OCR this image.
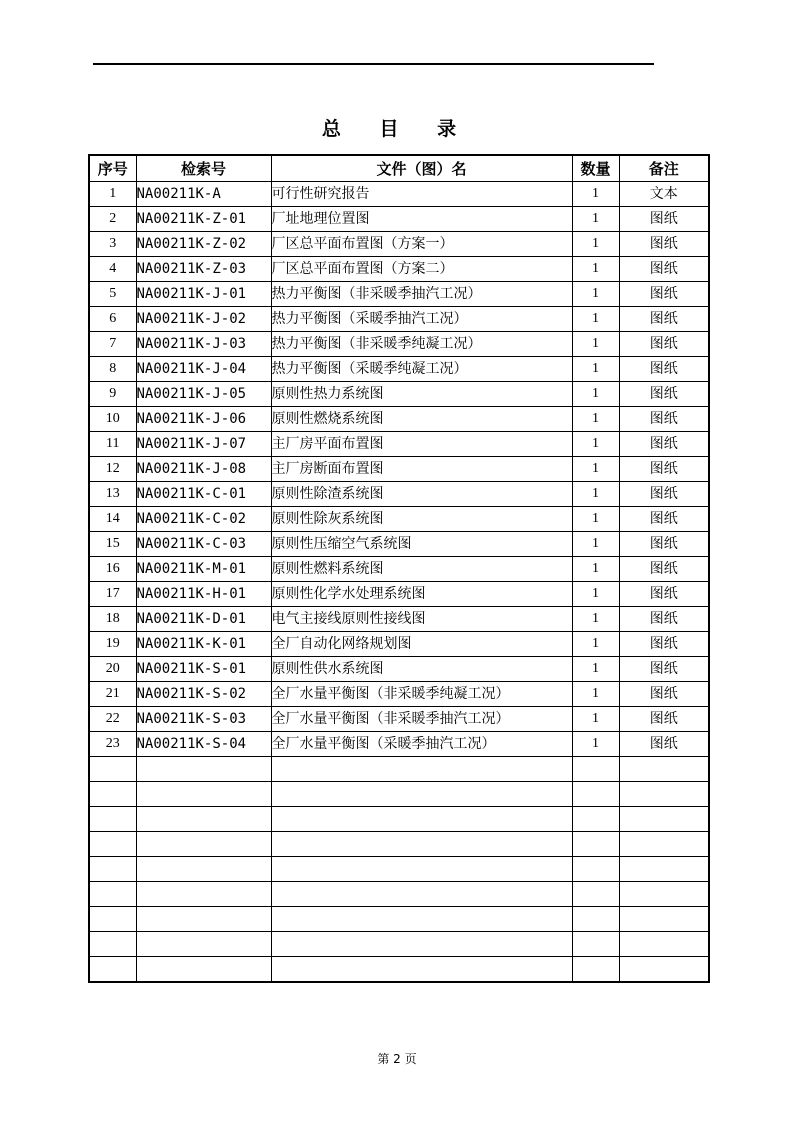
总 目 录
序号	检索号	文件（图）名	数量	备注
1	NA00211K-A	可行性研究报告	1	文本
2	NA00211K-Z-01	厂址地理位置图	1	图纸
3	NA00211K-Z-02	厂区总平面布置图（方案一）	1	图纸
4	NA00211K-Z-03	厂区总平面布置图（方案二）	1	图纸
5	NA00211K-J-01	热力平衡图（非采暖季抽汽工况）	1	图纸
6	NA00211K-J-02	热力平衡图（采暖季抽汽工况）	1	图纸
7	NA00211K-J-03	热力平衡图（非采暖季纯凝工况）	1	图纸
8	NA00211K-J-04	热力平衡图（采暖季纯凝工况）	1	图纸
9	NA00211K-J-05	原则性热力系统图	1	图纸
10	NA00211K-J-06	原则性燃烧系统图	1	图纸
11	NA00211K-J-07	主厂房平面布置图	1	图纸
12	NA00211K-J-08	主厂房断面布置图	1	图纸
13	NA00211K-C-01	原则性除渣系统图	1	图纸
14	NA00211K-C-02	原则性除灰系统图	1	图纸
15	NA00211K-C-03	原则性压缩空气系统图	1	图纸
16	NA00211K-M-01	原则性燃料系统图	1	图纸
17	NA00211K-H-01	原则性化学水处理系统图	1	图纸
18	NA00211K-D-01	电气主接线原则性接线图	1	图纸
19	NA00211K-K-01	全厂自动化网络规划图	1	图纸
20	NA00211K-S-01	原则性供水系统图	1	图纸
21	NA00211K-S-02	全厂水量平衡图（非采暖季纯凝工况）	1	图纸
22	NA00211K-S-03	全厂水量平衡图（非采暖季抽汽工况）	1	图纸
23	NA00211K-S-04	全厂水量平衡图（采暖季抽汽工况）	1	图纸

第 2 页
